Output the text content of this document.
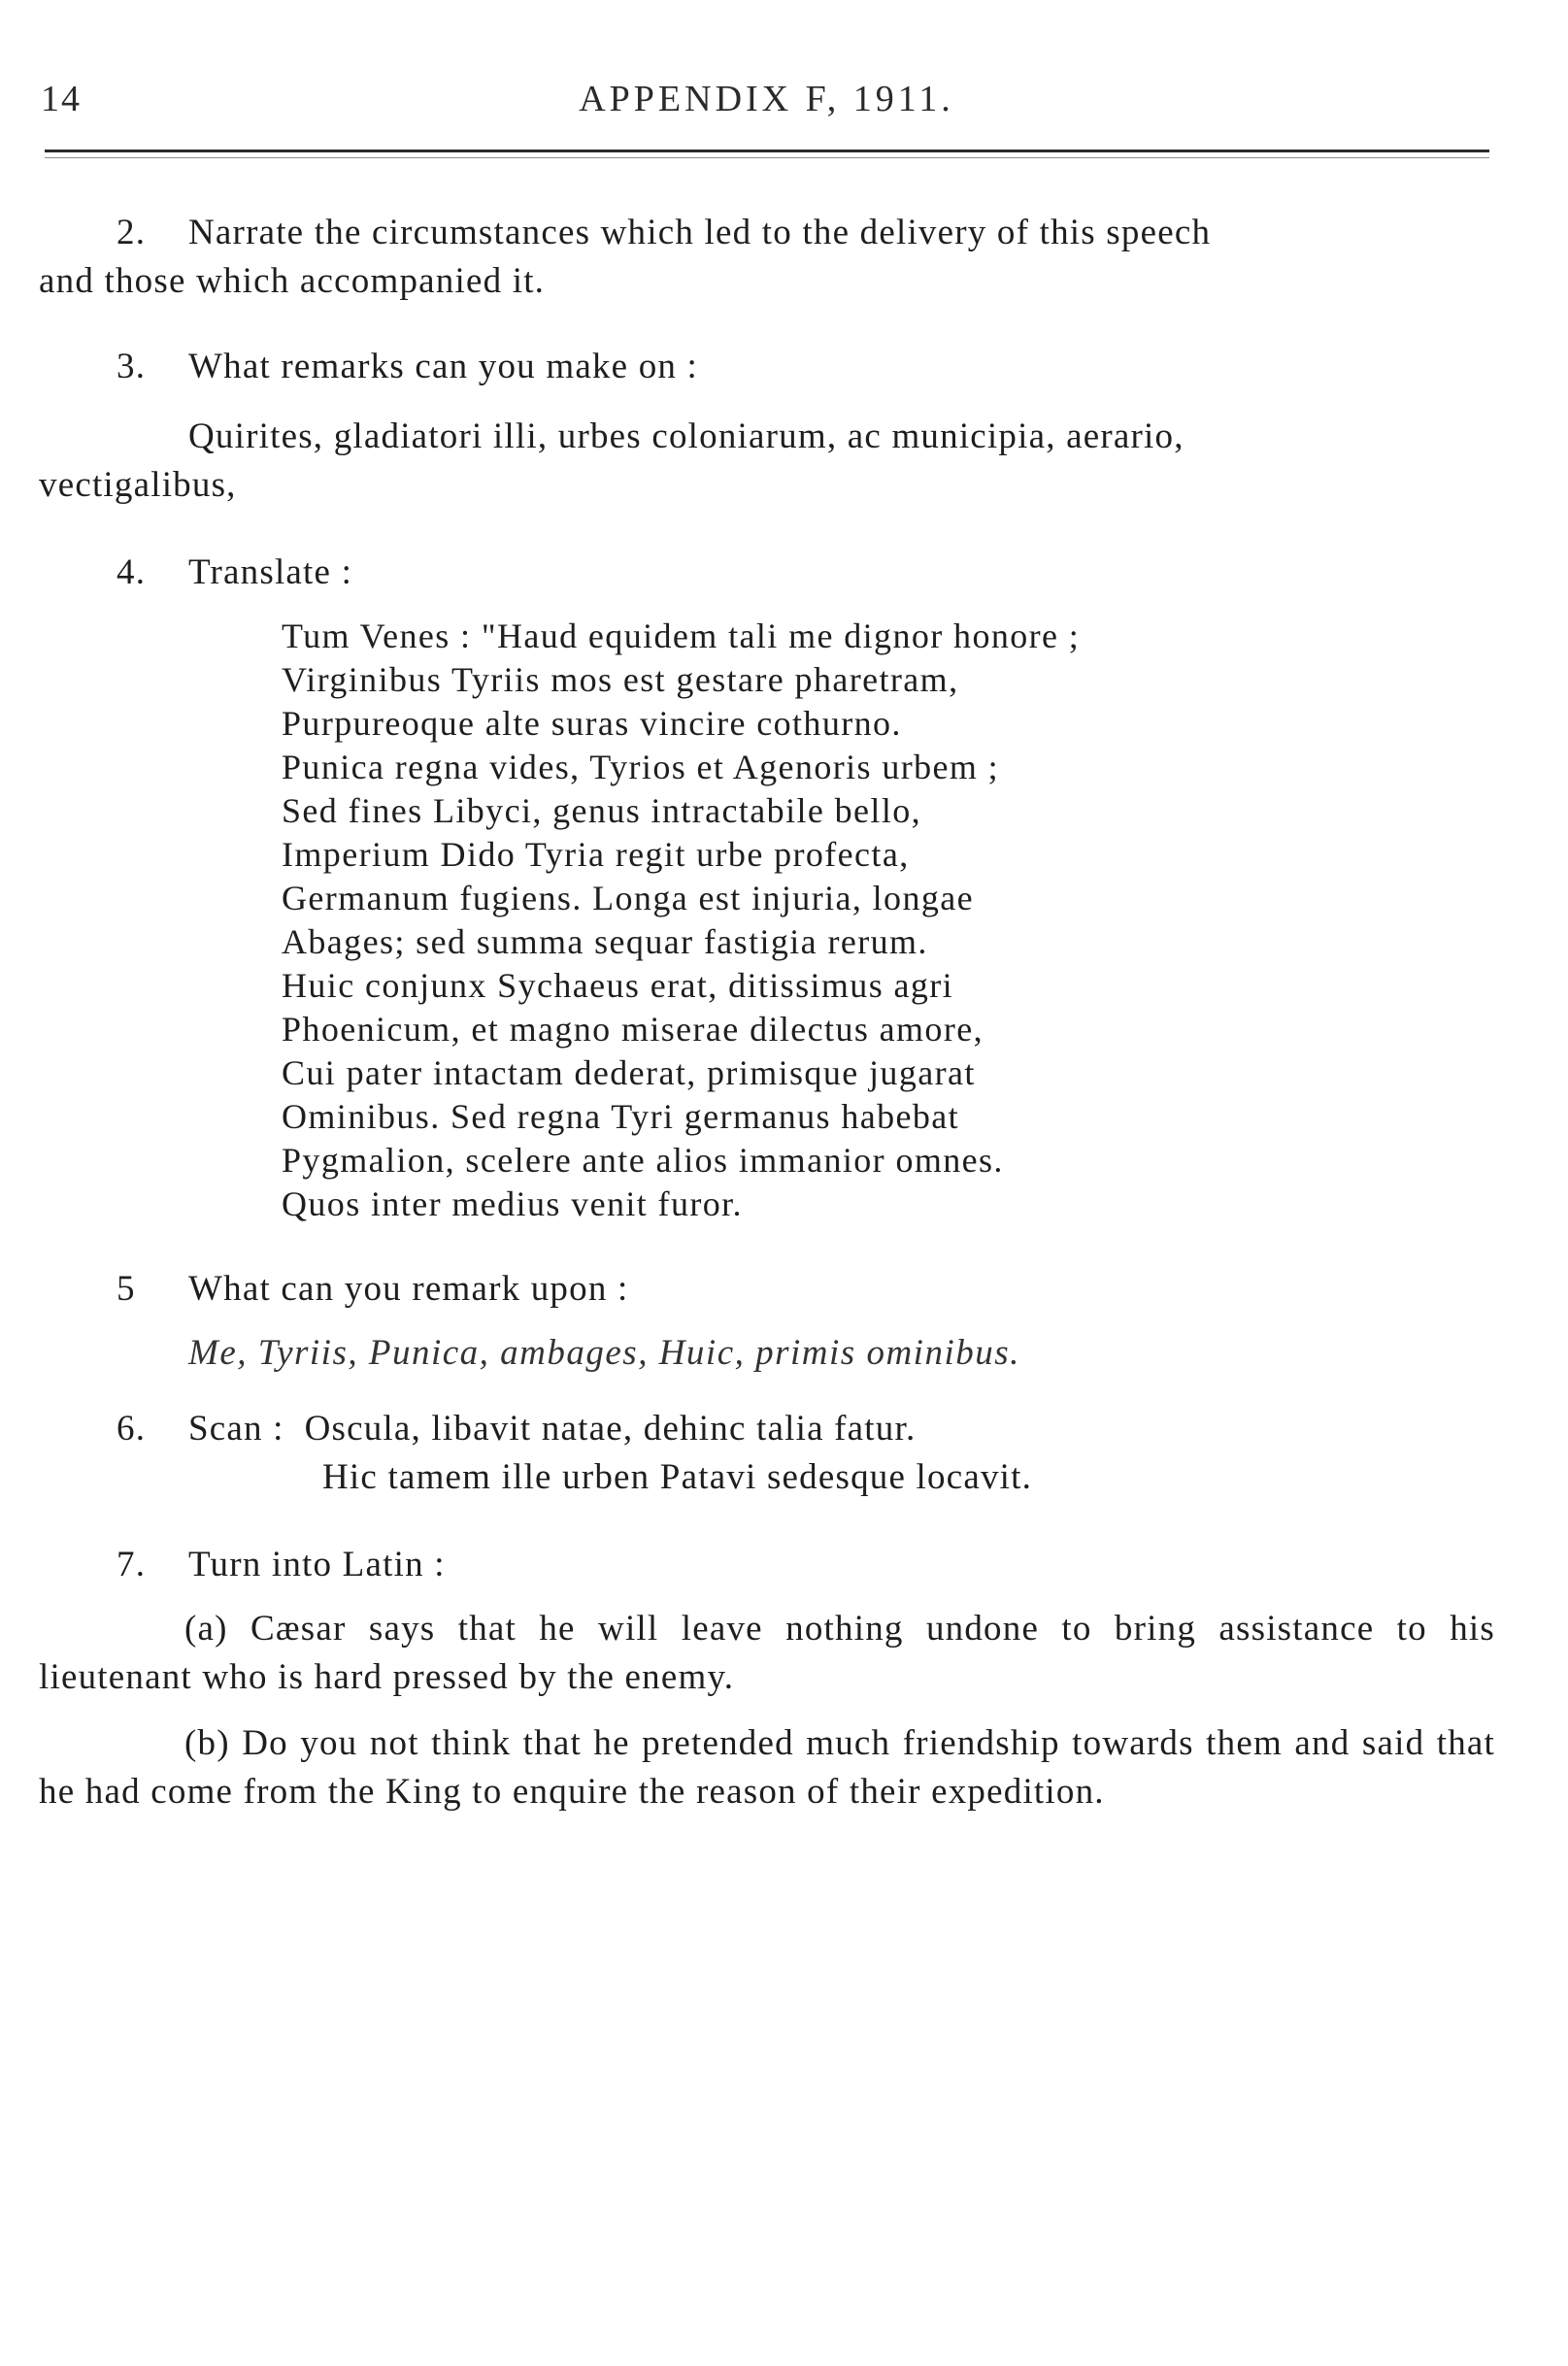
14	APPENDIX F, 1911.
2. Narrate the circumstances which led to the delivery of this speech
and those which accompanied it.
3. What remarks can you make on :
Quirites, gladiatori illi, urbes coloniarum, ac municipia, aerario,
vectigalibus,
4. Translate :
Tum Venes : "Haud equidem tali me dignor honore ;
Virginibus Tyriis mos est gestare pharetram,
Purpureoque alte suras vincire cothurno.
Punica regna vides, Tyrios et Agenoris urbem ;
Sed fines Libyci, genus intractabile bello,
Imperium Dido Tyria regit urbe profecta,
Germanum fugiens. Longa est injuria, longae
Abages; sed summa sequar fastigia rerum.
Huic conjunx Sychaeus erat, ditissimus agri
Phoenicum, et magno miserae dilectus amore,
Cui pater intactam dederat, primisque jugarat
Ominibus. Sed regna Tyri germanus habebat
Pygmalion, scelere ante alios immanior omnes.
Quos inter medius venit furor.
5 What can you remark upon :
Me, Tyriis, Punica, ambages, Huic, primis ominibus.
6. Scan : Oscula, libavit natae, dehinc talia fatur.
Hic tamem ille urben Patavi sedesque locavit.
7. Turn into Latin :
(a) Cæsar says that he will leave nothing undone to bring assistance to his lieutenant who is hard pressed by the enemy.
(b) Do you not think that he pretended much friendship towards them and said that he had come from the King to enquire the reason of their expedition.
